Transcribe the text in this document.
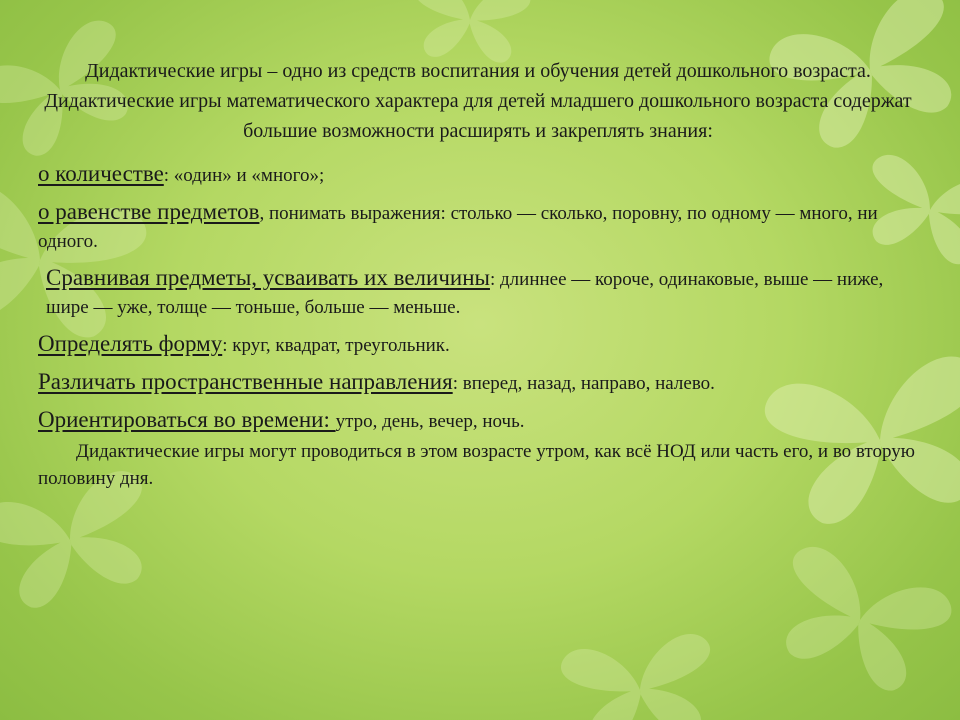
Дидактические игры – одно из средств воспитания и обучения детей дошкольного возраста. Дидактические игры математического характера для детей младшего дошкольного возраста содержат большие возможности расширять и закреплять знания:

о количестве: «один» и «много»;
о равенстве предметов, понимать выражения: столько — сколько, поровну, по одному — много, ни одного.
Сравнивая предметы, усваивать их величины: длиннее — короче, одинаковые, выше — ниже, шире — уже, толще — тоньше, больше — меньше.
Определять форму: круг, квадрат, треугольник.
Различать пространственные направления: вперед, назад, направо, налево.
Ориентироваться во времени: утро, день, вечер, ночь.

Дидактические игры могут проводиться в этом возрасте утром, как всё НОД или часть его, и во вторую половину дня.
